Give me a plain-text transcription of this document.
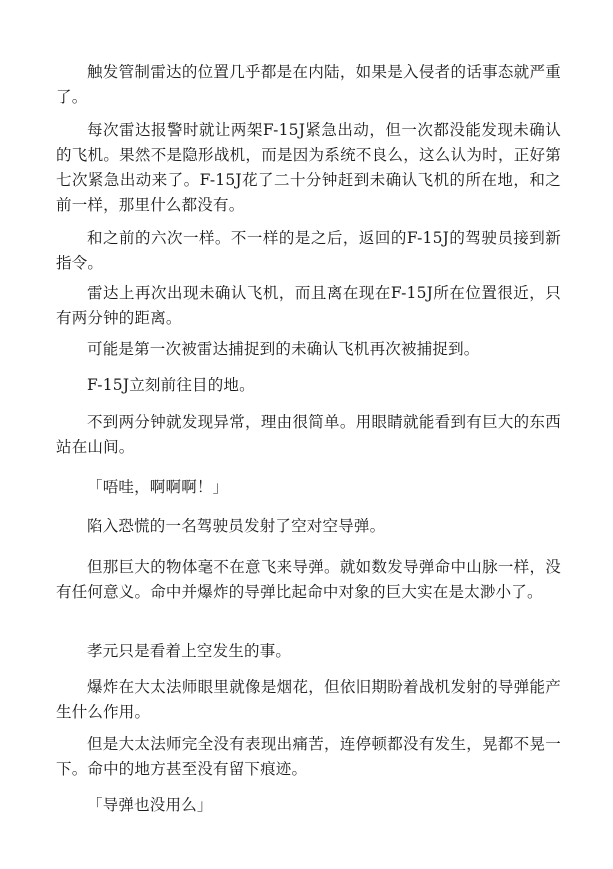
触发管制雷达的位置几乎都是在内陆，如果是入侵者的话事态就严重了。

每次雷达报警时就让两架F-15J紧急出动，但一次都没能发现未确认的飞机。果然不是隐形战机，而是因为系统不良么，这么认为时，正好第七次紧急出动来了。F-15J花了二十分钟赶到未确认飞机的所在地，和之前一样，那里什么都没有。

和之前的六次一样。不一样的是之后，返回的F-15J的驾驶员接到新指令。

雷达上再次出现未确认飞机，而且离在现在F-15J所在位置很近，只有两分钟的距离。

可能是第一次被雷达捕捉到的未确认飞机再次被捕捉到。

F-15J立刻前往目的地。

不到两分钟就发现异常，理由很简单。用眼睛就能看到有巨大的东西站在山间。

「唔哇，啊啊啊！」

陷入恐慌的一名驾驶员发射了空对空导弹。

但那巨大的物体毫不在意飞来导弹。就如数发导弹命中山脉一样，没有任何意义。命中并爆炸的导弹比起命中对象的巨大实在是太渺小了。

孝元只是看着上空发生的事。

爆炸在大太法师眼里就像是烟花，但依旧期盼着战机发射的导弹能产生什么作用。

但是大太法师完全没有表现出痛苦，连停顿都没有发生，晃都不晃一下。命中的地方甚至没有留下痕迹。

「导弹也没用么」
